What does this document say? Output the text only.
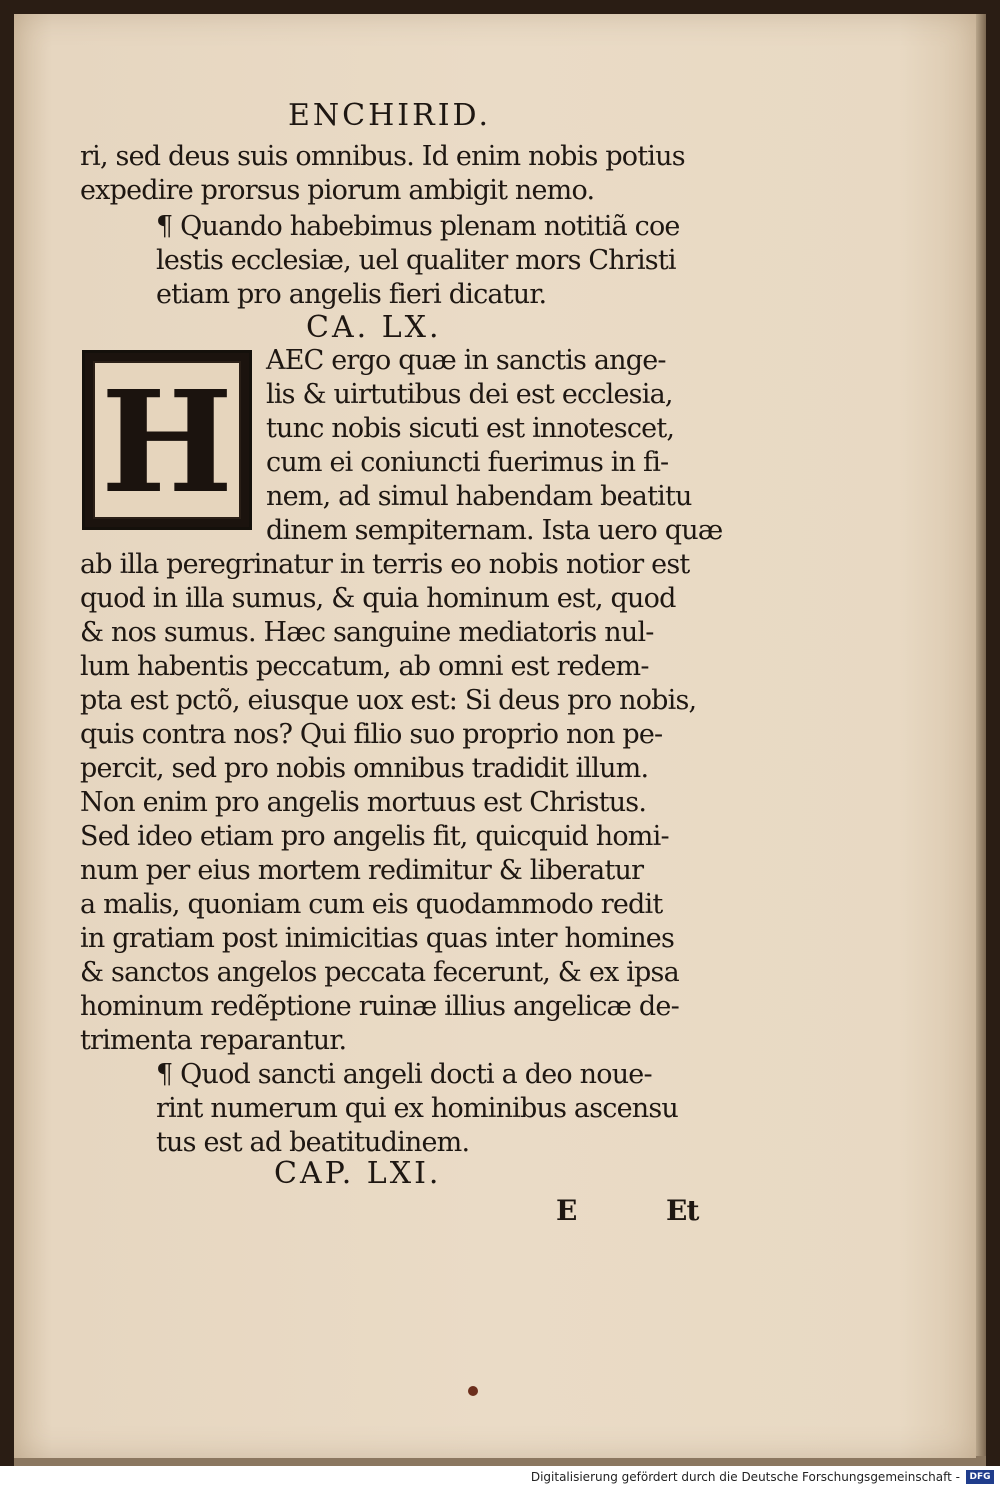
ENCHIRID.
ri, sed deus suis omnibus. Id enim nobis potius
expedire prorsus piorum ambigit nemo.
¶ Quando habebimus plenam notitiã coe
lestis ecclesiæ, uel qualiter mors Christi
etiam pro angelis fieri dicatur.
CA. LX.
H
AEC ergo quæ in sanctis ange-
lis & uirtutibus dei est ecclesia,
tunc nobis sicuti est innotescet,
cum ei coniuncti fuerimus in fi-
nem, ad simul habendam beatitu
dinem sempiternam. Ista uero quæ
ab illa peregrinatur in terris eo nobis notior est
quod in illa sumus, & quia hominum est, quod
& nos sumus. Hæc sanguine mediatoris nul-
lum habentis peccatum, ab omni est redem-
pta est pctõ, eiusque uox est: Si deus pro nobis,
quis contra nos? Qui filio suo proprio non pe-
percit, sed pro nobis omnibus tradidit illum.
Non enim pro angelis mortuus est Christus.
Sed ideo etiam pro angelis fit, quicquid homi-
num per eius mortem redimitur & liberatur
a malis, quoniam cum eis quodammodo redit
in gratiam post inimicitias quas inter homines
& sanctos angelos peccata fecerunt, & ex ipsa
hominum redẽptione ruinæ illius angelicæ de-
trimenta reparantur.
¶ Quod sancti angeli docti a deo noue-
rint numerum qui ex hominibus ascensu
tus est ad beatitudinem.
CAP. LXI.
E	Et
Digitalisierung gefördert durch die Deutsche Forschungsgemeinschaft -	DFG
